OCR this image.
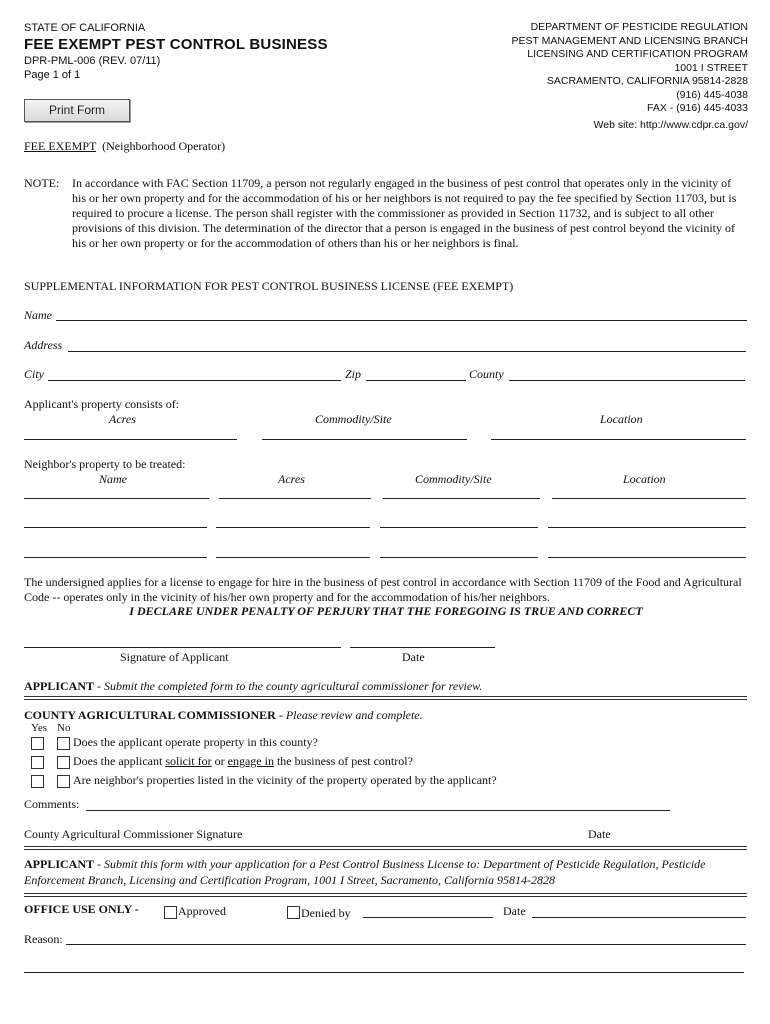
STATE OF CALIFORNIA
FEE EXEMPT PEST CONTROL BUSINESS
DPR-PML-006 (REV. 07/11)
Page 1 of 1
Print Form
DEPARTMENT OF PESTICIDE REGULATION
PEST MANAGEMENT AND LICENSING BRANCH
LICENSING AND CERTIFICATION PROGRAM
1001 I STREET
SACRAMENTO, CALIFORNIA 95814-2828
(916) 445-4038
FAX - (916) 445-4033
Web site: http://www.cdpr.ca.gov/
FEE EXEMPT (Neighborhood Operator)
NOTE: In accordance with FAC Section 11709, a person not regularly engaged in the business of pest control that operates only in the vicinity of his or her own property and for the accommodation of his or her neighbors is not required to pay the fee specified by Section 11703, but is required to procure a license. The person shall register with the commissioner as provided in Section 11732, and is subject to all other provisions of this division. The determination of the director that a person is engaged in the business of pest control beyond the vicinity of his or her own property or for the accommodation of others than his or her neighbors is final.
SUPPLEMENTAL INFORMATION FOR PEST CONTROL BUSINESS LICENSE (FEE EXEMPT)
Name
Address
City	Zip	County
Applicant's property consists of:
Acres	Commodity/Site	Location
Neighbor's property to be treated:
Name	Acres	Commodity/Site	Location
The undersigned applies for a license to engage for hire in the business of pest control in accordance with Section 11709 of the Food and Agricultural Code -- operates only in the vicinity of his/her own property and for the accommodation of his/her neighbors.
I DECLARE UNDER PENALTY OF PERJURY THAT THE FOREGOING IS TRUE AND CORRECT
Signature of Applicant	Date
APPLICANT - Submit the completed form to the county agricultural commissioner for review.
COUNTY AGRICULTURAL COMMISSIONER - Please review and complete.
Yes No
Does the applicant operate property in this county?
Does the applicant solicit for or engage in the business of pest control?
Are neighbor's properties listed in the vicinity of the property operated by the applicant?
Comments:
County Agricultural Commissioner Signature	Date
APPLICANT - Submit this form with your application for a Pest Control Business License to: Department of Pesticide Regulation, Pesticide Enforcement Branch, Licensing and Certification Program, 1001 I Street, Sacramento, California 95814-2828
OFFICE USE ONLY -	Approved	Denied by	Date
Reason:
